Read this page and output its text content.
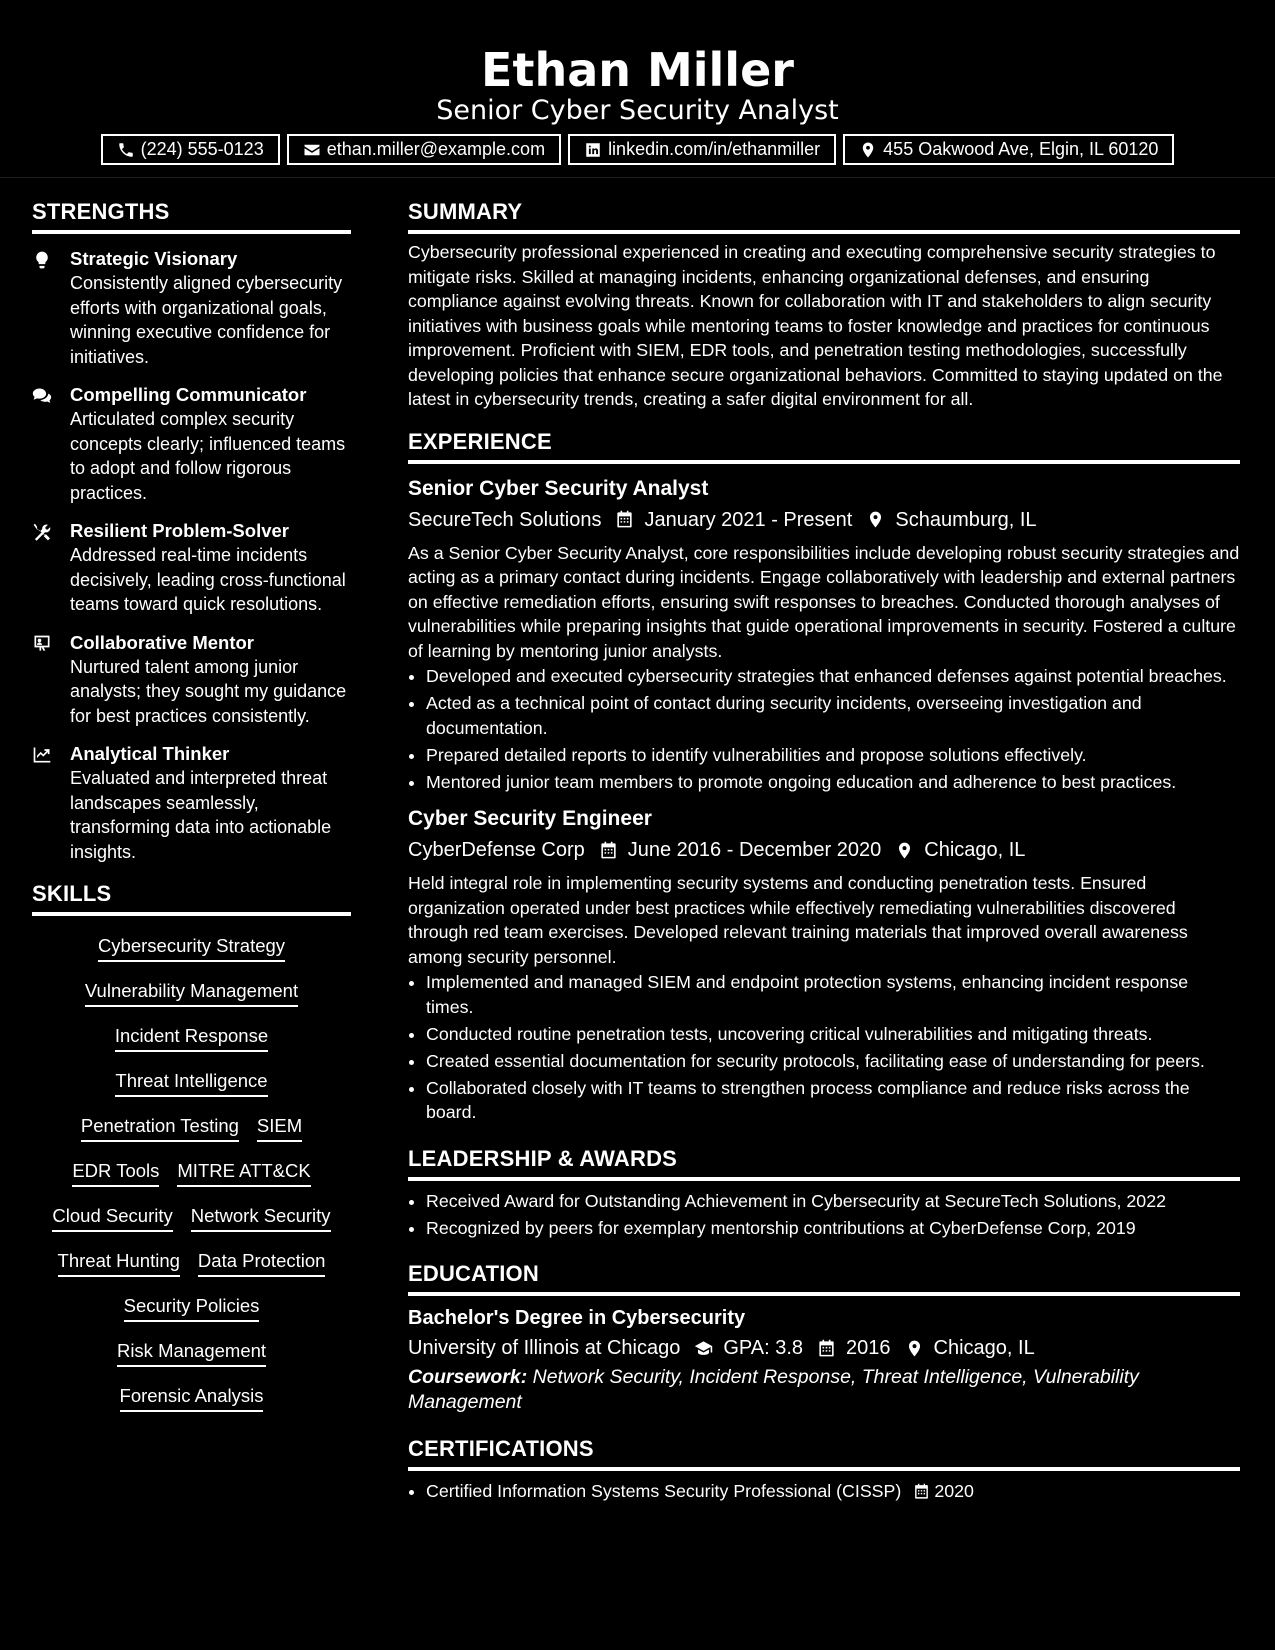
Ethan Miller
Senior Cyber Security Analyst
(224) 555-0123	ethan.miller@example.com	linkedin.com/in/ethanmiller	455 Oakwood Ave, Elgin, IL 60120
STRENGTHS
Strategic Visionary
Consistently aligned cybersecurity efforts with organizational goals, winning executive confidence for initiatives.
Compelling Communicator
Articulated complex security concepts clearly; influenced teams to adopt and follow rigorous practices.
Resilient Problem-Solver
Addressed real-time incidents decisively, leading cross-functional teams toward quick resolutions.
Collaborative Mentor
Nurtured talent among junior analysts; they sought my guidance for best practices consistently.
Analytical Thinker
Evaluated and interpreted threat landscapes seamlessly, transforming data into actionable insights.
SKILLS
Cybersecurity Strategy
Vulnerability Management
Incident Response
Threat Intelligence
Penetration Testing SIEM
EDR Tools MITRE ATT&CK
Cloud Security Network Security
Threat Hunting Data Protection
Security Policies
Risk Management
Forensic Analysis
SUMMARY
Cybersecurity professional experienced in creating and executing comprehensive security strategies to mitigate risks. Skilled at managing incidents, enhancing organizational defenses, and ensuring compliance against evolving threats. Known for collaboration with IT and stakeholders to align security initiatives with business goals while mentoring teams to foster knowledge and practices for continuous improvement. Proficient with SIEM, EDR tools, and penetration testing methodologies, successfully developing policies that enhance secure organizational behaviors. Committed to staying updated on the latest in cybersecurity trends, creating a safer digital environment for all.
EXPERIENCE
Senior Cyber Security Analyst
SecureTech Solutions January 2021 - Present Schaumburg, IL
As a Senior Cyber Security Analyst, core responsibilities include developing robust security strategies and acting as a primary contact during incidents. Engage collaboratively with leadership and external partners on effective remediation efforts, ensuring swift responses to breaches. Conducted thorough analyses of vulnerabilities while preparing insights that guide operational improvements in security. Fostered a culture of learning by mentoring junior analysts.
• Developed and executed cybersecurity strategies that enhanced defenses against potential breaches.
• Acted as a technical point of contact during security incidents, overseeing investigation and documentation.
• Prepared detailed reports to identify vulnerabilities and propose solutions effectively.
• Mentored junior team members to promote ongoing education and adherence to best practices.
Cyber Security Engineer
CyberDefense Corp June 2016 - December 2020 Chicago, IL
Held integral role in implementing security systems and conducting penetration tests. Ensured organization operated under best practices while effectively remediating vulnerabilities discovered through red team exercises. Developed relevant training materials that improved overall awareness among security personnel.
• Implemented and managed SIEM and endpoint protection systems, enhancing incident response times.
• Conducted routine penetration tests, uncovering critical vulnerabilities and mitigating threats.
• Created essential documentation for security protocols, facilitating ease of understanding for peers.
• Collaborated closely with IT teams to strengthen process compliance and reduce risks across the board.
LEADERSHIP & AWARDS
• Received Award for Outstanding Achievement in Cybersecurity at SecureTech Solutions, 2022
• Recognized by peers for exemplary mentorship contributions at CyberDefense Corp, 2019
EDUCATION
Bachelor's Degree in Cybersecurity
University of Illinois at Chicago GPA: 3.8 2016 Chicago, IL
Coursework: Network Security, Incident Response, Threat Intelligence, Vulnerability Management
CERTIFICATIONS
• Certified Information Systems Security Professional (CISSP) 2020
